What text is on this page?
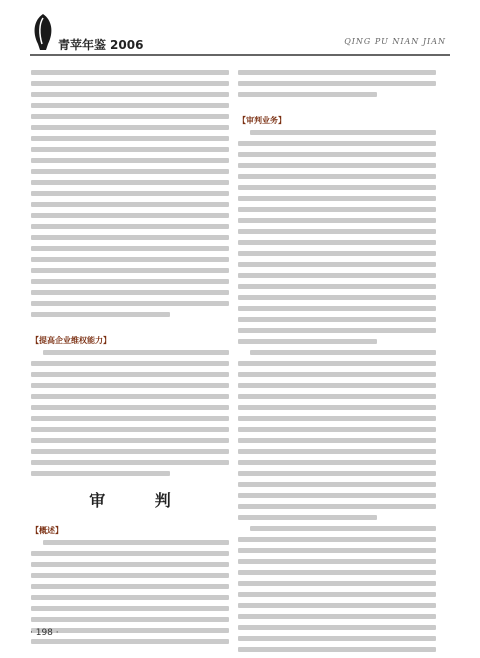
青苹年鉴 2006	QING PU NIAN JIAN
【提高企业维权能力】
审 判
【概述】
【审判业务】
· 198 ·
